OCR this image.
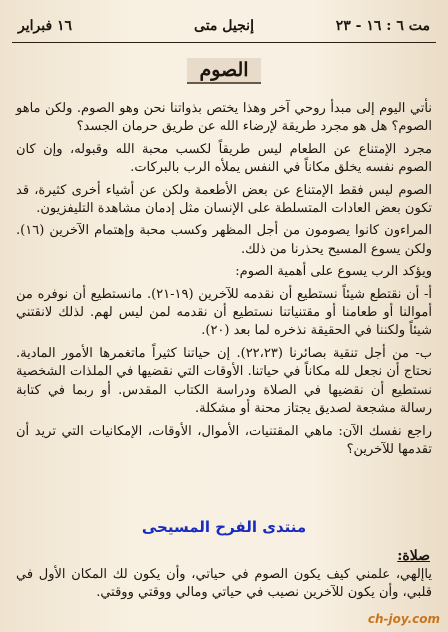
مت ٦ : ١٦ - ٢٣
إنجيل متى
١٦ فبراير
الصوم

نأتي اليوم إلى مبدأ روحي آخر وهذا يختص بذواتنا نحن وهو الصوم. ولكن ماهو الصوم؟ هل هو مجرد طريقة لإرضاء الله عن طريق حرمان الجسد؟

مجرد الإمتناع عن الطعام ليس طريقاً لكسب محبة الله وقبوله، وإن كان الصوم نفسه يخلق مكاناً في النفس يملأه الرب بالبركات.

الصوم ليس فقط الإمتناع عن بعض الأطعمة ولكن عن أشياء أخرى كثيرة، قد تكون بعض العادات المتسلطة على الإنسان مثل إدمان مشاهدة التليفزيون.

المراءون كانوا يصومون من أجل المظهر وكسب محبة وإهتمام الآخرين (١٦). ولكن يسوع المسيح يحذرنا من ذلك.

ويؤكد الرب يسوع على أهمية الصوم:

أ- أن نقتطع شيئاً نستطيع أن نقدمه للآخرين (١٩-٢١). مانستطيع أن نوفره من أموالنا أو طعامنا أو مقتنياتنا نستطيع أن نقدمه لمن ليس لهم. لذلك لانقتني شيئاً ولكننا في الحقيقة نذخره لما بعد (٢٠).

ب- من أجل تنقية بصائرنا (٢٢،٢٣). إن حياتنا كثيراً ماتغمرها الأمور المادية. نحتاج أن نجعل لله مكاناً في حياتنا. الأوقات التي نقضيها في الملذات الشخصية نستطيع أن نقضيها في الصلاة ودراسة الكتاب المقدس. أو ربما في كتابة رسالة مشجعة لصديق يجتاز محنة أو مشكلة.

راجع نفسك الآن: ماهي المقتنيات، الأموال، الأوقات، الإمكانيات التي تريد أن تقدمها للآخرين؟

منتدى الفرح المسيحى
صلاة:

ياإلهي، علمني كيف يكون الصوم في حياتي، وأن يكون لك المكان الأول في قلبي، وأن يكون للآخرين نصيب في حياتي ومالي ووقتي ووقتي.

ch-joy.com
